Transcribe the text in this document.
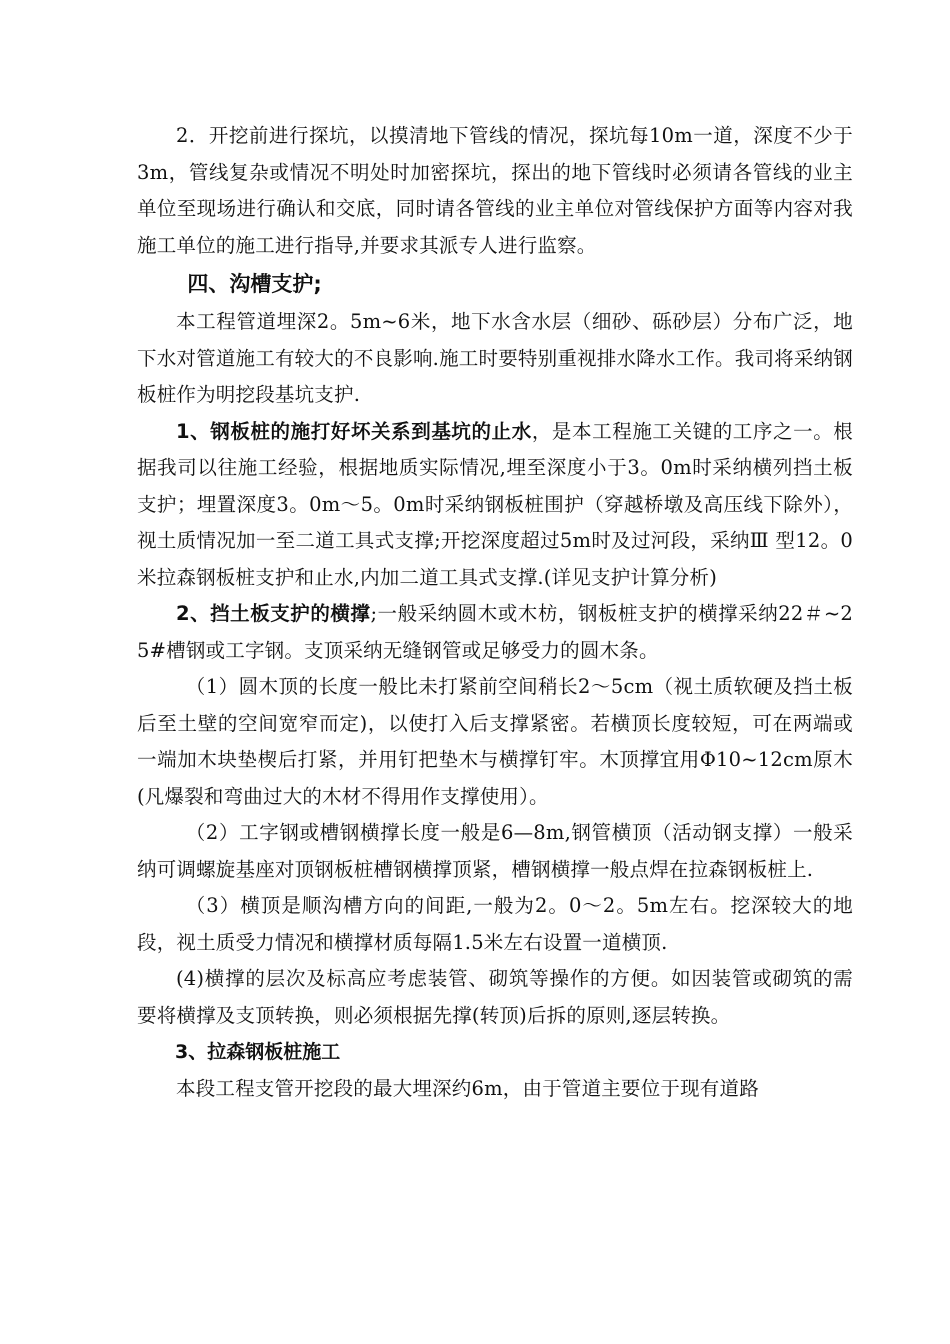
2．开挖前进行探坑，以摸清地下管线的情况，探坑每10m一道，深度不少于3m，管线复杂或情况不明处时加密探坑，探出的地下管线时必须请各管线的业主单位至现场进行确认和交底，同时请各管线的业主单位对管线保护方面等内容对我施工单位的施工进行指导,并要求其派专人进行监察。

四、沟槽支护;

本工程管道埋深2。5m~6米，地下水含水层（细砂、砾砂层）分布广泛，地下水对管道施工有较大的不良影响.施工时要特别重视排水降水工作。我司将采纳钢板桩作为明挖段基坑支护.

1、钢板桩的施打好坏关系到基坑的止水，是本工程施工关键的工序之一。根据我司以往施工经验，根据地质实际情况,埋至深度小于3。0m时采纳横列挡土板支护；埋置深度3。0m～5。0m时采纳钢板桩围护（穿越桥墩及高压线下除外），视土质情况加一至二道工具式支撑;开挖深度超过5m时及过河段，采纳Ⅲ 型12。0米拉森钢板桩支护和止水,内加二道工具式支撑.(详见支护计算分析)

2、挡土板支护的横撑;一般采纳圆木或木枋，钢板桩支护的横撑采纳22＃~25#槽钢或工字钢。支顶采纳无缝钢管或足够受力的圆木条。

（1）圆木顶的长度一般比未打紧前空间稍长2～5cm（视土质软硬及挡土板后至土壁的空间宽窄而定)，以使打入后支撑紧密。若横顶长度较短，可在两端或一端加木块垫楔后打紧，并用钉把垫木与横撑钉牢。木顶撑宜用Φ10~12cm原木(凡爆裂和弯曲过大的木材不得用作支撑使用）。

（2）工字钢或槽钢横撑长度一般是6—8m,钢管横顶（活动钢支撑）一般采纳可调螺旋基座对顶钢板桩槽钢横撑顶紧，槽钢横撑一般点焊在拉森钢板桩上.

（3）横顶是顺沟槽方向的间距,一般为2。0～2。5m左右。挖深较大的地段，视土质受力情况和横撑材质每隔1.5米左右设置一道横顶.

(4)横撑的层次及标高应考虑装管、砌筑等操作的方便。如因装管或砌筑的需要将横撑及支顶转换，则必须根据先撑(转顶)后拆的原则,逐层转换。

3、拉森钢板桩施工

本段工程支管开挖段的最大埋深约6m，由于管道主要位于现有道路
